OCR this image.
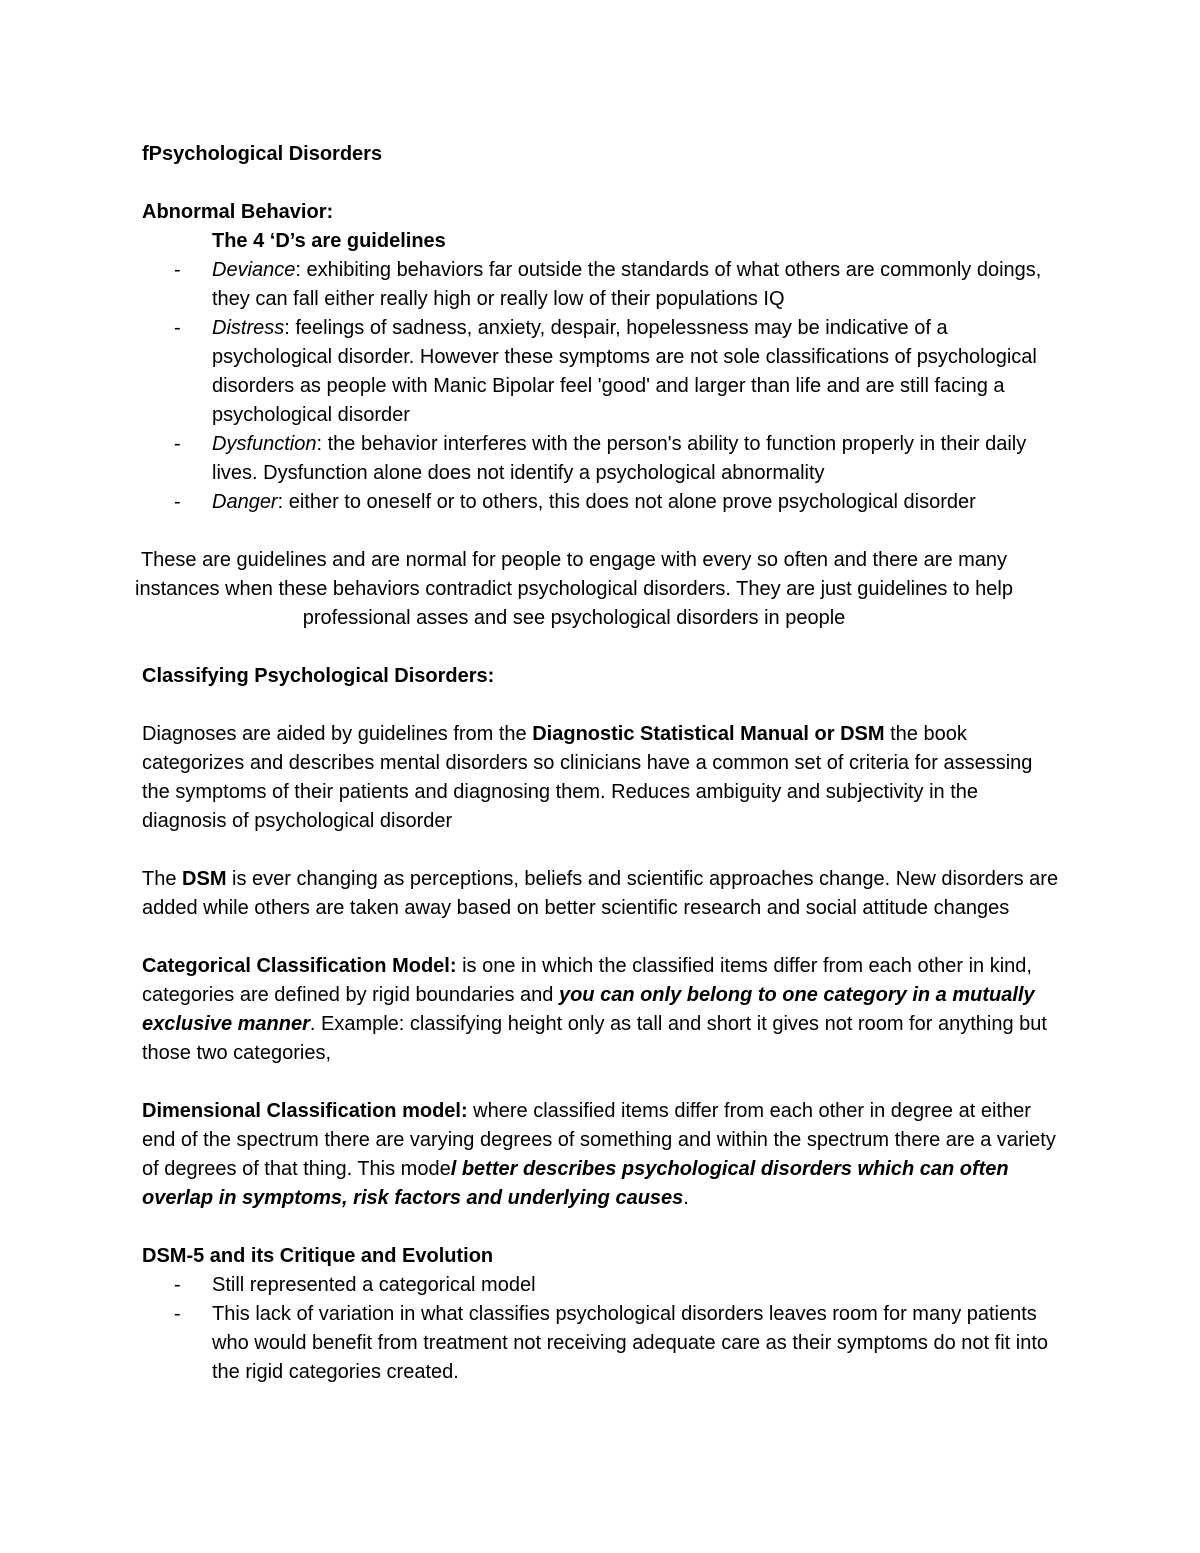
fPsychological Disorders

Abnormal Behavior:

The 4 ‘D’s are guidelines

- Deviance: exhibiting behaviors far outside the standards of what others are commonly doings, they can fall either really high or really low of their populations IQ
- Distress: feelings of sadness, anxiety, despair, hopelessness may be indicative of a psychological disorder. However these symptoms are not sole classifications of psychological disorders as people with Manic Bipolar feel 'good' and larger than life and are still facing a psychological disorder
- Dysfunction: the behavior interferes with the person's ability to function properly in their daily lives. Dysfunction alone does not identify a psychological abnormality
- Danger: either to oneself or to others, this does not alone prove psychological disorder

These are guidelines and are normal for people to engage with every so often and there are many instances when these behaviors contradict psychological disorders. They are just guidelines to help professional asses and see psychological disorders in people

Classifying Psychological Disorders:

Diagnoses are aided by guidelines from the Diagnostic Statistical Manual or DSM the book categorizes and describes mental disorders so clinicians have a common set of criteria for assessing the symptoms of their patients and diagnosing them. Reduces ambiguity and subjectivity in the diagnosis of psychological disorder

The DSM is ever changing as perceptions, beliefs and scientific approaches change. New disorders are added while others are taken away based on better scientific research and social attitude changes

Categorical Classification Model: is one in which the classified items differ from each other in kind, categories are defined by rigid boundaries and you can only belong to one category in a mutually exclusive manner. Example: classifying height only as tall and short it gives not room for anything but those two categories,

Dimensional Classification model: where classified items differ from each other in degree at either end of the spectrum there are varying degrees of something and within the spectrum there are a variety of degrees of that thing. This model better describes psychological disorders which can often overlap in symptoms, risk factors and underlying causes.

DSM-5 and its Critique and Evolution

- Still represented a categorical model
- This lack of variation in what classifies psychological disorders leaves room for many patients who would benefit from treatment not receiving adequate care as their symptoms do not fit into the rigid categories created.
